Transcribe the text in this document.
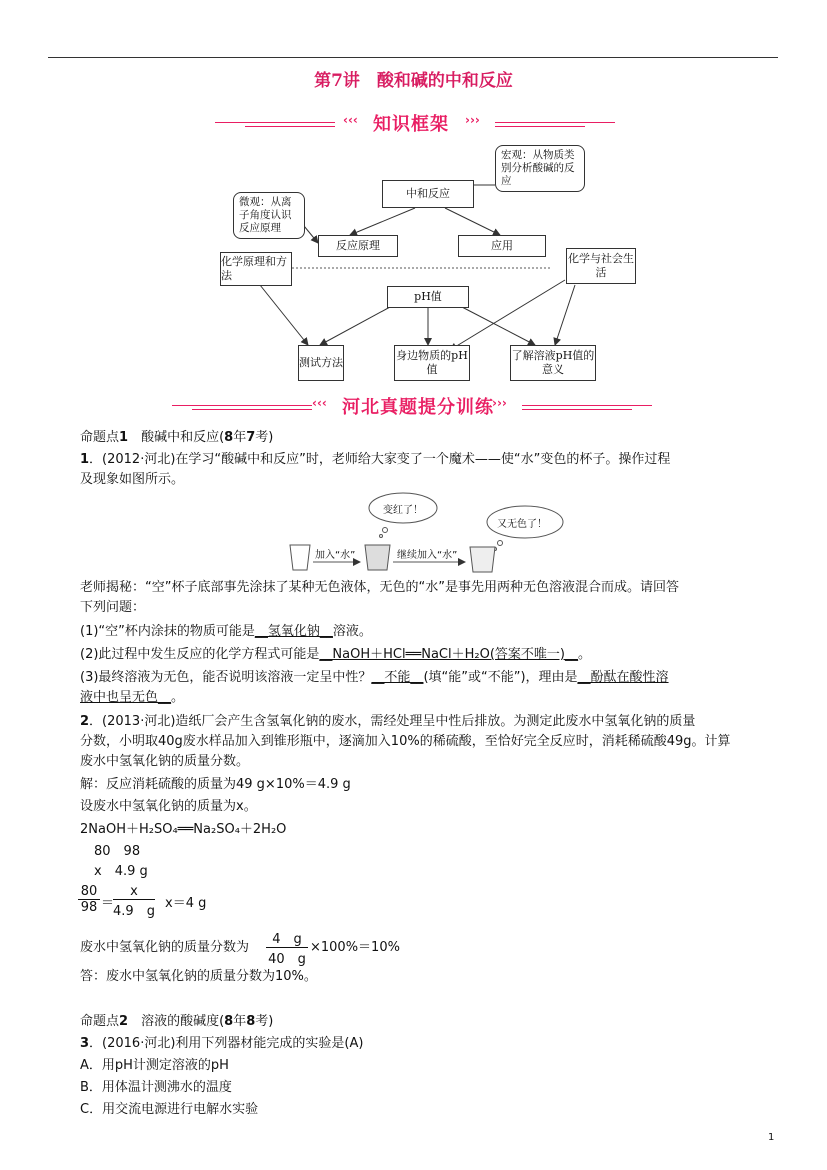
第7讲　酸和碱的中和反应
‹‹‹ 知识框架 ›››
中和反应
反应原理	应用
化学原理和方法
化学与社会生活
pH值
测试方法
身边物质的pH值
了解溶液pH值的意义
宏观：从物质类别分析酸碱的反应
微观：从离子角度认识反应原理
‹‹‹ 河北真题提分训练
›››
命题点1　 酸碱中和反应(8年7考)
1．(2012·河北)在学习“酸碱中和反应”时，老师给大家变了一个魔术——使“水”变色的杯子。操作过程
及现象如图所示。
变红了！
又无色了！
加入“水”	继续加入“水”
老师揭秘：“空”杯子底部事先涂抹了某种无色液体，无色的“水”是事先用两种无色溶液混合而成。请回答
下列问题：
(1)“空”杯内涂抹的物质可能是__氢氧化钠__溶液。
(2)此过程中发生反应的化学方程式可能是__NaOH＋HCl══NaCl＋H₂O(答案不唯一)__。
(3)最终溶液为无色，能否说明该溶液一定呈中性？__不能__(填“能”或“不能”)，理由是__酚酞在酸性溶
液中也呈无色__。
2．(2013·河北)造纸厂会产生含氢氧化钠的废水，需经处理呈中性后排放。为测定此废水中氢氧化钠的质量
分数，小明取40g废水样品加入到锥形瓶中，逐滴加入10%的稀硫酸，至恰好完全反应时，消耗稀硫酸49g。计算
废水中氢氧化钠的质量分数。
解：反应消耗硫酸的质量为49 g×10%＝4.9 g
设废水中氢氧化钠的质量为x。
2NaOH＋H₂SO₄══Na₂SO₄＋2H₂O
80　98
x　4.9 g
$\frac{80}{98}$ ＝
$\frac{x}{4.9 g} x=4$ g
废水中氢氧化钠的质量分数为 $\frac{4 g}{40 g} \times 100\%=10\%$
答：废水中氢氧化钠的质量分数为10%。
命题点2　 溶液的酸碱度(8年8考)
3．(2016·河北)利用下列器材能完成的实验是(A)
A．用pH计测定溶液的pH
B．用体温计测沸水的温度
C．用交流电源进行电解水实验
1
